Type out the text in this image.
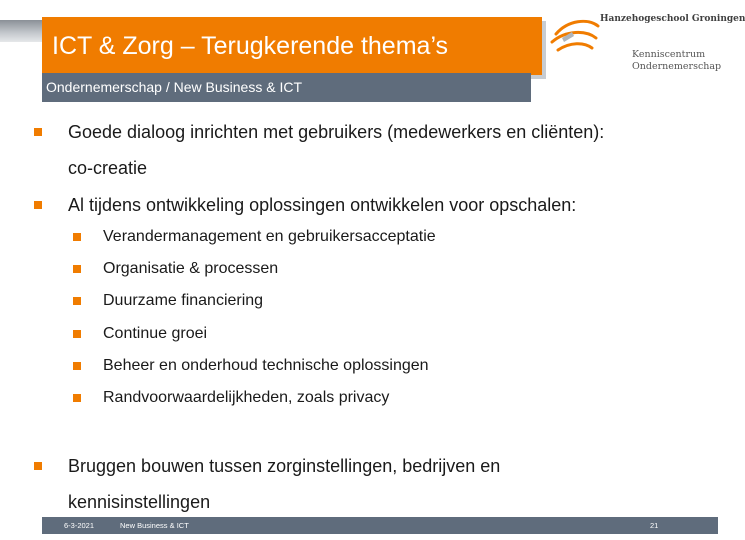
ICT & Zorg – Terugkerende thema’s
Ondernemerschap / New Business & ICT
Hanzehogeschool Groningen
Kenniscentrum
Ondernemerschap
Goede dialoog inrichten met gebruikers (medewerkers en cliënten):
co-creatie
Al tijdens ontwikkeling oplossingen ontwikkelen voor opschalen:
Verandermanagement en gebruikersacceptatie
Organisatie & processen
Duurzame financiering
Continue groei
Beheer en onderhoud technische oplossingen
Randvoorwaardelijkheden, zoals privacy
Bruggen bouwen tussen zorginstellingen, bedrijven en
kennisinstellingen
6-3-2021	New Business & ICT	21
